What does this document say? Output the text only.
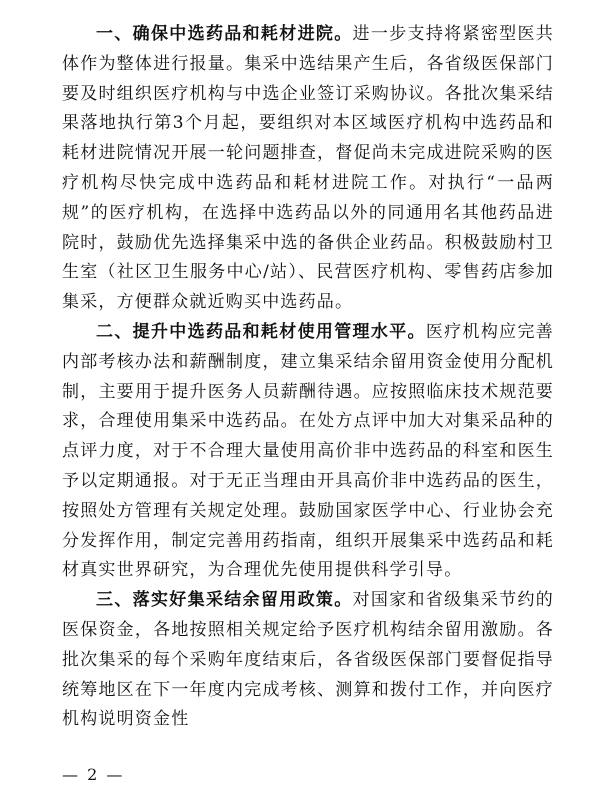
一、确保中选药品和耗材进院。进一步支持将紧密型医共体作为整体进行报量。集采中选结果产生后，各省级医保部门要及时组织医疗机构与中选企业签订采购协议。各批次集采结果落地执行第3个月起，要组织对本区域医疗机构中选药品和耗材进院情况开展一轮问题排查，督促尚未完成进院采购的医疗机构尽快完成中选药品和耗材进院工作。对执行“一品两规”的医疗机构，在选择中选药品以外的同通用名其他药品进院时，鼓励优先选择集采中选的备供企业药品。积极鼓励村卫生室（社区卫生服务中心/站）、民营医疗机构、零售药店参加集采，方便群众就近购买中选药品。

二、提升中选药品和耗材使用管理水平。医疗机构应完善内部考核办法和薪酬制度，建立集采结余留用资金使用分配机制，主要用于提升医务人员薪酬待遇。应按照临床技术规范要求，合理使用集采中选药品。在处方点评中加大对集采品种的点评力度，对于不合理大量使用高价非中选药品的科室和医生予以定期通报。对于无正当理由开具高价非中选药品的医生，按照处方管理有关规定处理。鼓励国家医学中心、行业协会充分发挥作用，制定完善用药指南，组织开展集采中选药品和耗材真实世界研究，为合理优先使用提供科学引导。

三、落实好集采结余留用政策。对国家和省级集采节约的医保资金，各地按照相关规定给予医疗机构结余留用激励。各批次集采的每个采购年度结束后，各省级医保部门要督促指导统筹地区在下一年度内完成考核、测算和拨付工作，并向医疗机构说明资金性

— 2 —
